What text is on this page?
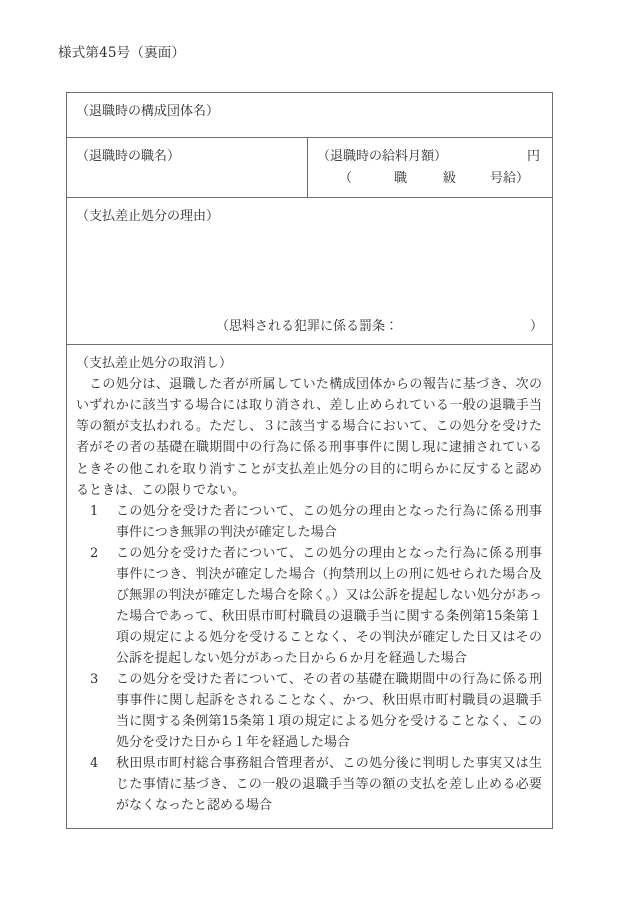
様式第45号（裏面）
（退職時の構成団体名）
（退職時の職名）	（退職時の給料月額）	円
（	職	級	号給）
（支払差止処分の理由）
（思料される犯罪に係る罰条：	）

（支払差止処分の取消し）

この処分は、退職した者が所属していた構成団体からの報告に基づき、次のいずれかに該当する場合には取り消され、差し止められている一般の退職手当等の額が支払われる。ただし、３に該当する場合において、この処分を受けた者がその者の基礎在職期間中の行為に係る刑事事件に関し現に逮捕されているときその他これを取り消すことが支払差止処分の目的に明らかに反すると認めるときは、この限りでない。

1	この処分を受けた者について、この処分の理由となった行為に係る刑事事件につき無罪の判決が確定した場合
2	この処分を受けた者について、この処分の理由となった行為に係る刑事事件につき、判決が確定した場合（拘禁刑以上の刑に処せられた場合及び無罪の判決が確定した場合を除く。）又は公訴を提起しない処分があった場合であって、秋田県市町村職員の退職手当に関する条例第15条第１項の規定による処分を受けることなく、その判決が確定した日又はその公訴を提起しない処分があった日から６か月を経過した場合
3	この処分を受けた者について、その者の基礎在職期間中の行為に係る刑事事件に関し起訴をされることなく、かつ、秋田県市町村職員の退職手当に関する条例第15条第１項の規定による処分を受けることなく、この処分を受けた日から１年を経過した場合
4	秋田県市町村総合事務組合管理者が、この処分後に判明した事実又は生じた事情に基づき、この一般の退職手当等の額の支払を差し止める必要がなくなったと認める場合
